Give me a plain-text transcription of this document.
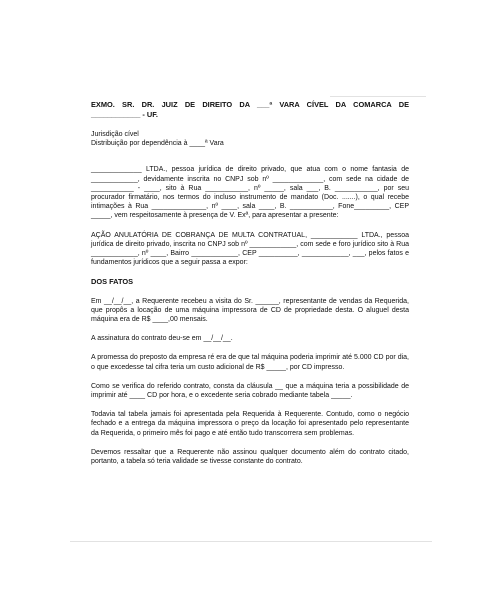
EXMO. SR. DR. JUIZ DE DIREITO DA ___ª VARA CÍVEL DA COMARCA DE
____________ - UF.
Jurisdição cível
Distribuição por dependência à ____ª Vara

_____________ LTDA., pessoa jurídica de direito privado, que atua com o nome fantasia de ____________, devidamente inscrita no CNPJ sob nº _____________, com sede na cidade de ___________ - ____, sito à Rua ___________, nº _____, sala ___, B. ___________, por seu procurador firmatário, nos termos do incluso instrumento de mandato (Doc. .......), o qual recebe intimações à Rua ______________, nº ____, sala ____, B. ___________, Fone_________, CEP _____, vem respeitosamente à presença de V. Exª, para apresentar a presente:

AÇÃO ANULATÓRIA DE COBRANÇA DE MULTA CONTRATUAL, ____________ LTDA., pessoa jurídica de direito privado, inscrita no CNPJ sob nº ____________, com sede e foro jurídico sito à Rua ____________, nº ____, Bairro ____________, CEP __________, ____________, ___, pelos fatos e fundamentos jurídicos que a seguir passa a expor:

DOS FATOS

Em __/__/__, a Requerente recebeu a visita do Sr. ______, representante de vendas da Requerida, que propôs a locação de uma máquina impressora de CD de propriedade desta. O aluguel desta máquina era de R$ ____,00 mensais.

A assinatura do contrato deu-se em __/__/__.

A promessa do preposto da empresa ré era de que tal máquina poderia imprimir até 5.000 CD por dia, o que excedesse tal cifra teria um custo adicional de R$ _____, por CD impresso.

Como se verifica do referido contrato, consta da cláusula __ que a máquina teria a possibilidade de imprimir até ____ CD por hora, e o excedente seria cobrado mediante tabela _____.

Todavia tal tabela jamais foi apresentada pela Requerida à Requerente. Contudo, como o negócio fechado e a entrega da máquina impressora o preço da locação foi apresentado pelo representante da Requerida, o primeiro mês foi pago e até então tudo transcorrera sem problemas.

Devemos ressaltar que a Requerente não assinou qualquer documento além do contrato citado, portanto, a tabela só teria validade se tivesse constante do contrato.
